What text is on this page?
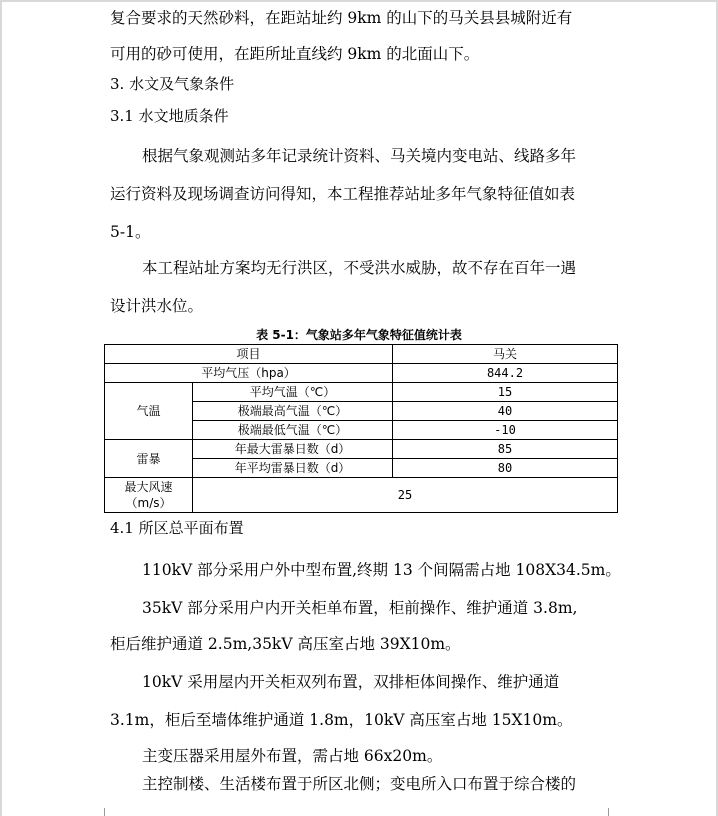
复合要求的天然砂料，在距站址约 9km 的山下的马关县县城附近有
可用的砂可使用，在距所址直线约 9km 的北面山下。
3. 水文及气象条件
3.1 水文地质条件
根据气象观测站多年记录统计资料、马关境内变电站、线路多年
运行资料及现场调查访问得知，本工程推荐站址多年气象特征值如表
5-1。
本工程站址方案均无行洪区，不受洪水威胁，故不存在百年一遇
设计洪水位。
表 5-1：气象站多年气象特征值统计表
项目		马关
平均气压（hpa）		844.2
气温	平均气温（℃）	15
	极端最高气温（℃）	40
	极端最低气温（℃）	-10
雷暴	年最大雷暴日数（d）	85
	年平均雷暴日数（d）	80

最大风速
（m/s）	25	
4.1 所区总平面布置
110kV 部分采用户外中型布置,终期 13 个间隔需占地 108X34.5m。
35kV 部分采用户内开关柜单布置，柜前操作、维护通道 3.8m,
柜后维护通道 2.5m,35kV 高压室占地 39X10m。
10kV 采用屋内开关柜双列布置，双排柜体间操作、维护通道
3.1m，柜后至墙体维护通道 1.8m，10kV 高压室占地 15X10m。
主变压器采用屋外布置，需占地 66x20m。
主控制楼、生活楼布置于所区北侧；变电所入口布置于综合楼的
